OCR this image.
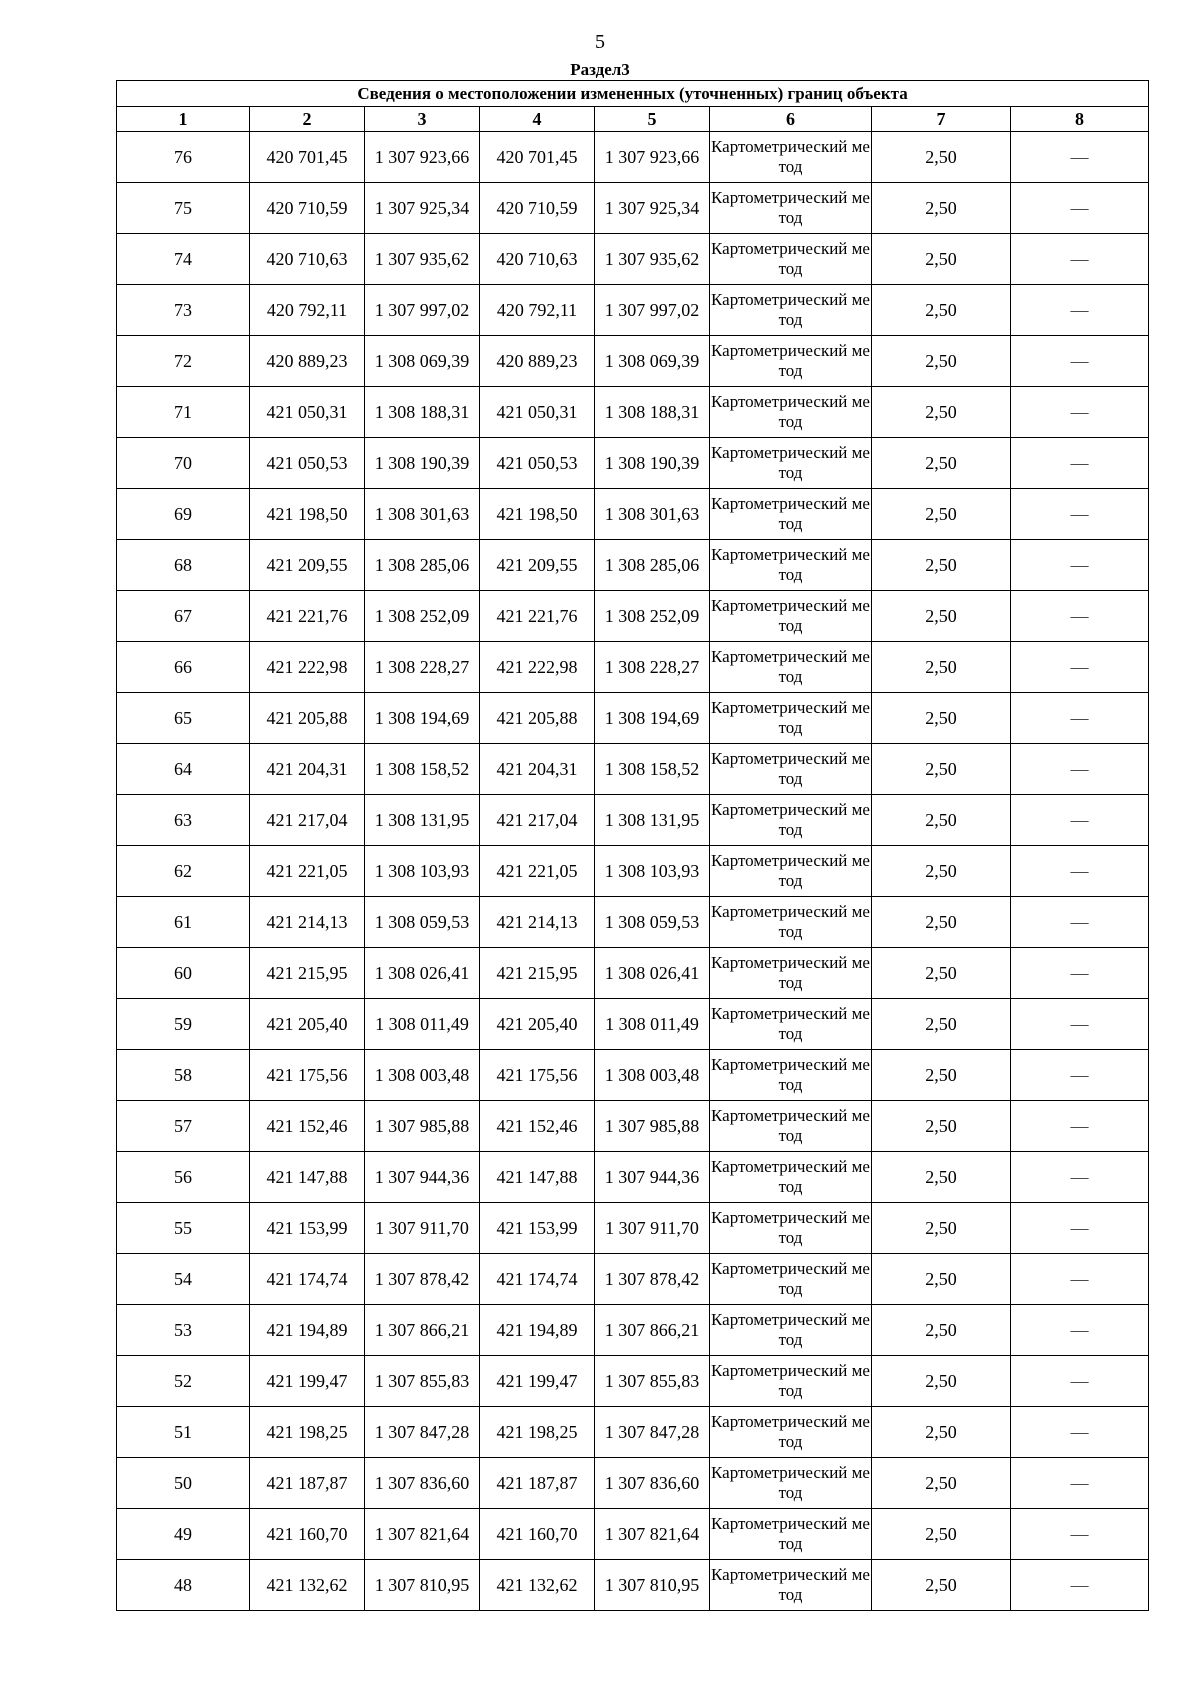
5
Раздел3
Сведения о местоположении измененных (уточненных) границ объекта							
1	2	3	4	5	6	7	8
76	420 701,45	1 307 923,66	420 701,45	1 307 923,66	Картометрический метод	2,50	—
75	420 710,59	1 307 925,34	420 710,59	1 307 925,34	Картометрический метод	2,50	—
74	420 710,63	1 307 935,62	420 710,63	1 307 935,62	Картометрический метод	2,50	—
73	420 792,11	1 307 997,02	420 792,11	1 307 997,02	Картометрический метод	2,50	—
72	420 889,23	1 308 069,39	420 889,23	1 308 069,39	Картометрический метод	2,50	—
71	421 050,31	1 308 188,31	421 050,31	1 308 188,31	Картометрический метод	2,50	—
70	421 050,53	1 308 190,39	421 050,53	1 308 190,39	Картометрический метод	2,50	—
69	421 198,50	1 308 301,63	421 198,50	1 308 301,63	Картометрический метод	2,50	—
68	421 209,55	1 308 285,06	421 209,55	1 308 285,06	Картометрический метод	2,50	—
67	421 221,76	1 308 252,09	421 221,76	1 308 252,09	Картометрический метод	2,50	—
66	421 222,98	1 308 228,27	421 222,98	1 308 228,27	Картометрический метод	2,50	—
65	421 205,88	1 308 194,69	421 205,88	1 308 194,69	Картометрический метод	2,50	—
64	421 204,31	1 308 158,52	421 204,31	1 308 158,52	Картометрический метод	2,50	—
63	421 217,04	1 308 131,95	421 217,04	1 308 131,95	Картометрический метод	2,50	—
62	421 221,05	1 308 103,93	421 221,05	1 308 103,93	Картометрический метод	2,50	—
61	421 214,13	1 308 059,53	421 214,13	1 308 059,53	Картометрический метод	2,50	—
60	421 215,95	1 308 026,41	421 215,95	1 308 026,41	Картометрический метод	2,50	—
59	421 205,40	1 308 011,49	421 205,40	1 308 011,49	Картометрический метод	2,50	—
58	421 175,56	1 308 003,48	421 175,56	1 308 003,48	Картометрический метод	2,50	—
57	421 152,46	1 307 985,88	421 152,46	1 307 985,88	Картометрический метод	2,50	—
56	421 147,88	1 307 944,36	421 147,88	1 307 944,36	Картометрический метод	2,50	—
55	421 153,99	1 307 911,70	421 153,99	1 307 911,70	Картометрический метод	2,50	—
54	421 174,74	1 307 878,42	421 174,74	1 307 878,42	Картометрический метод	2,50	—
53	421 194,89	1 307 866,21	421 194,89	1 307 866,21	Картометрический метод	2,50	—
52	421 199,47	1 307 855,83	421 199,47	1 307 855,83	Картометрический метод	2,50	—
51	421 198,25	1 307 847,28	421 198,25	1 307 847,28	Картометрический метод	2,50	—
50	421 187,87	1 307 836,60	421 187,87	1 307 836,60	Картометрический метод	2,50	—
49	421 160,70	1 307 821,64	421 160,70	1 307 821,64	Картометрический метод	2,50	—
48	421 132,62	1 307 810,95	421 132,62	1 307 810,95	Картометрический метод	2,50	—
